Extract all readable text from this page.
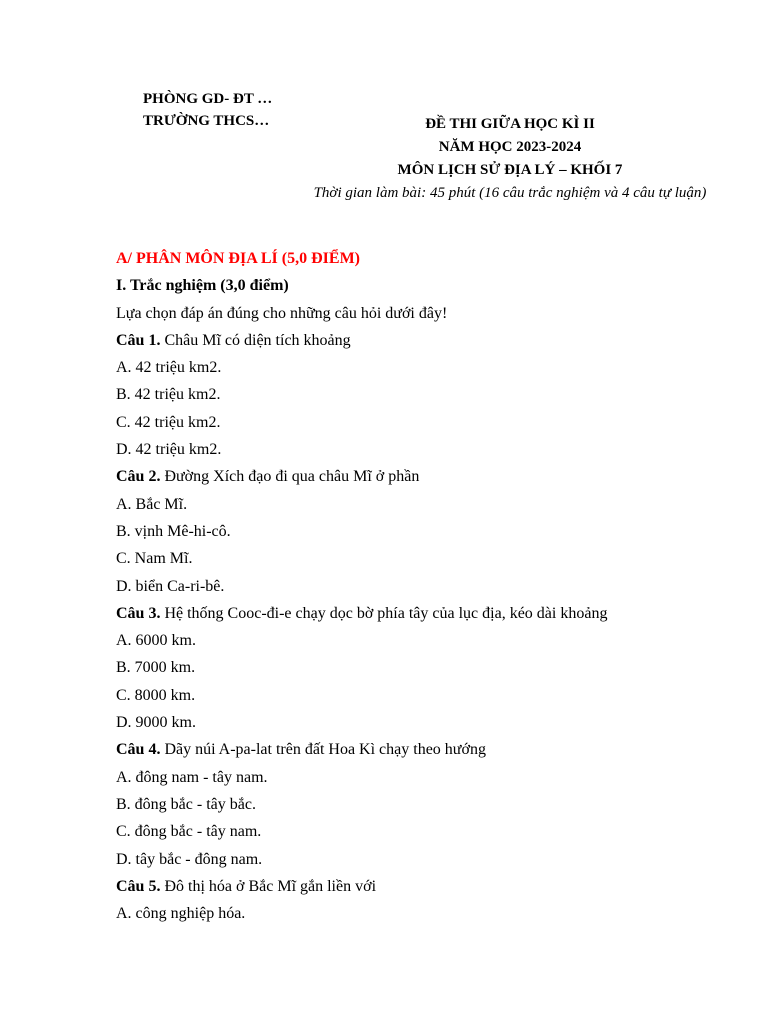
PHÒNG GD- ĐT …
TRƯỜNG THCS…	ĐỀ THI GIỮA HỌC KÌ II
NĂM HỌC 2023-2024
MÔN LỊCH SỬ ĐỊA LÝ – KHỐI 7
Thời gian làm bài: 45 phút (16 câu trắc nghiệm và 4 câu tự luận)
A/ PHÂN MÔN ĐỊA LÍ (5,0 ĐIỂM)
I. Trắc nghiệm (3,0 điểm)
Lựa chọn đáp án đúng cho những câu hỏi dưới đây!
Câu 1. Châu Mĩ có diện tích khoảng
A. 42 triệu km2.
B. 42 triệu km2.
C. 42 triệu km2.
D. 42 triệu km2.
Câu 2. Đường Xích đạo đi qua châu Mĩ ở phần
A. Bắc Mĩ.
B. vịnh Mê-hi-cô.
C. Nam Mĩ.
D. biển Ca-ri-bê.
Câu 3. Hệ thống Cooc-đi-e chạy dọc bờ phía tây của lục địa, kéo dài khoảng
A. 6000 km.
B. 7000 km.
C. 8000 km.
D. 9000 km.
Câu 4. Dãy núi A-pa-lat trên đất Hoa Kì chạy theo hướng
A. đông nam - tây nam.
B. đông bắc - tây bắc.
C. đông bắc - tây nam.
D. tây bắc - đông nam.
Câu 5. Đô thị hóa ở Bắc Mĩ gắn liền với
A. công nghiệp hóa.
